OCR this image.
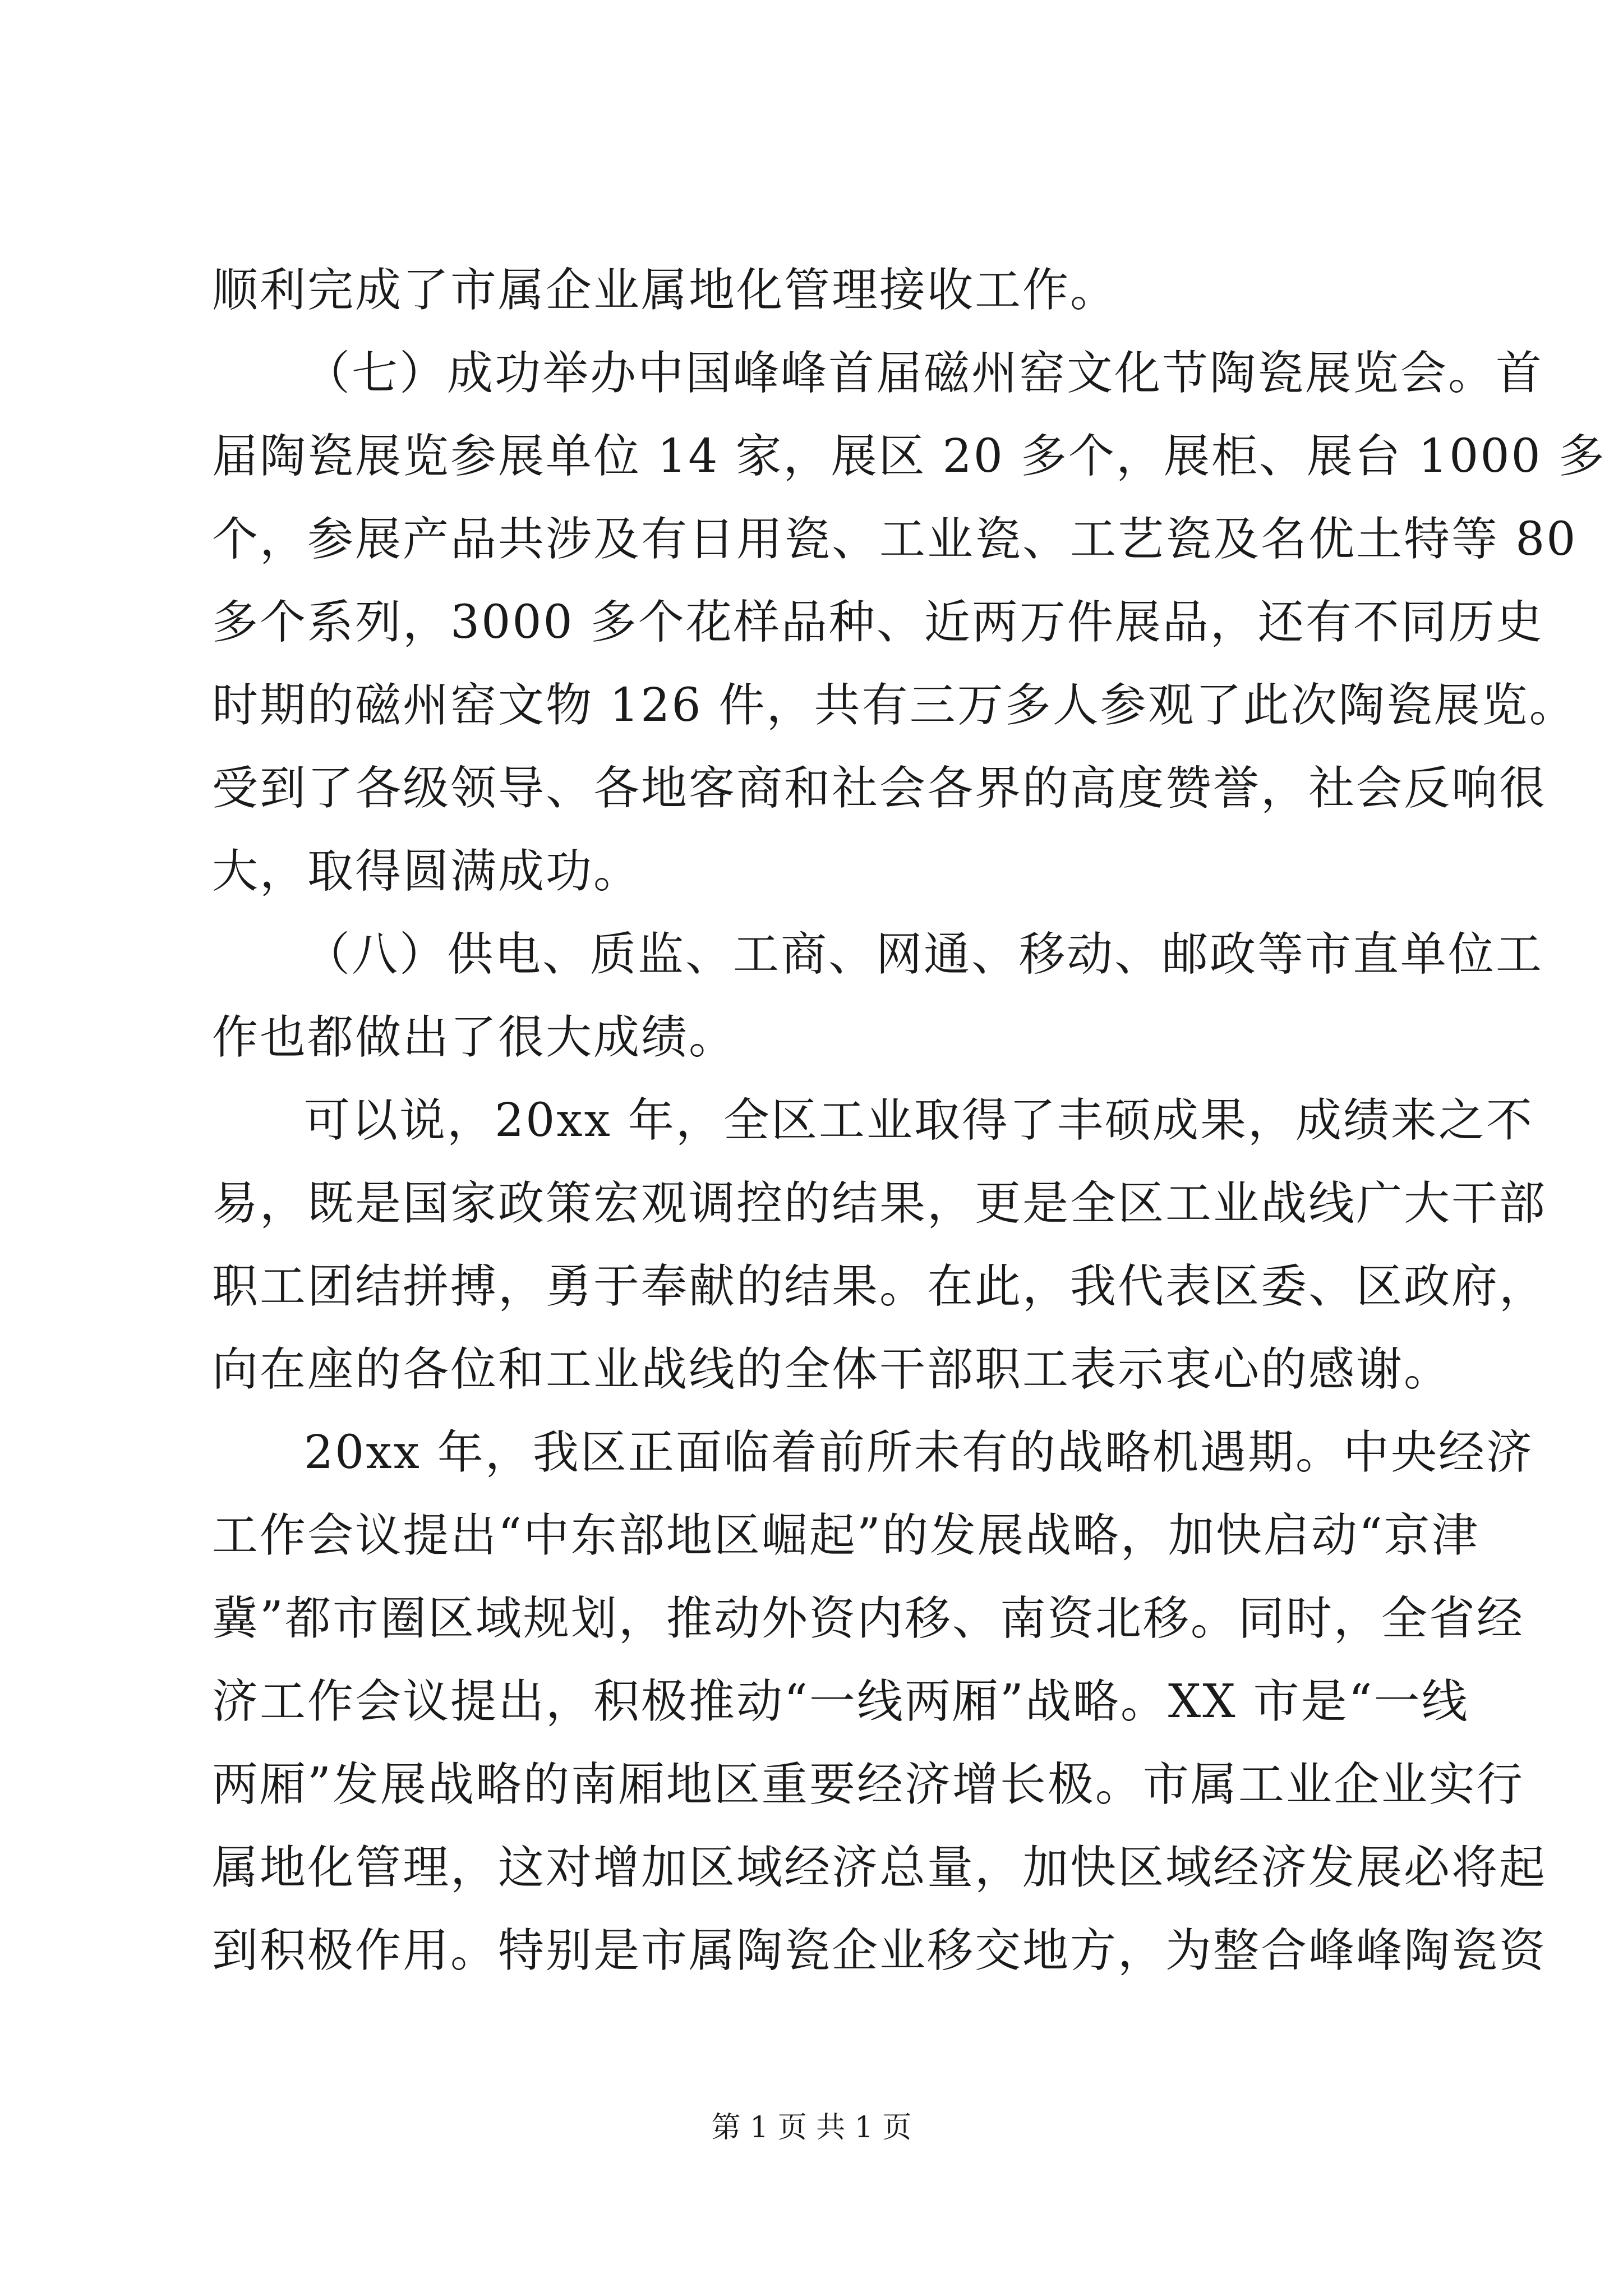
顺利完成了市属企业属地化管理接收工作。
（七）成功举办中国峰峰首届磁州窑文化节陶瓷展览会。首
届陶瓷展览参展单位 14 家，展区 20 多个，展柜、展台 1000 多
个，参展产品共涉及有日用瓷、工业瓷、工艺瓷及名优土特等 80
多个系列，3000 多个花样品种、近两万件展品，还有不同历史
时期的磁州窑文物 126 件，共有三万多人参观了此次陶瓷展览。
受到了各级领导、各地客商和社会各界的高度赞誉，社会反响很
大，取得圆满成功。
（八）供电、质监、工商、网通、移动、邮政等市直单位工
作也都做出了很大成绩。
可以说，20xx 年，全区工业取得了丰硕成果，成绩来之不
易，既是国家政策宏观调控的结果，更是全区工业战线广大干部
职工团结拼搏，勇于奉献的结果。在此，我代表区委、区政府，
向在座的各位和工业战线的全体干部职工表示衷心的感谢。
20xx 年，我区正面临着前所未有的战略机遇期。中央经济
工作会议提出“中东部地区崛起”的发展战略，加快启动“京津
冀”都市圈区域规划，推动外资内移、南资北移。同时，全省经
济工作会议提出，积极推动“一线两厢”战略。XX 市是“一线
两厢”发展战略的南厢地区重要经济增长极。市属工业企业实行
属地化管理，这对增加区域经济总量，加快区域经济发展必将起
到积极作用。特别是市属陶瓷企业移交地方，为整合峰峰陶瓷资
第 1 页 共 1 页
